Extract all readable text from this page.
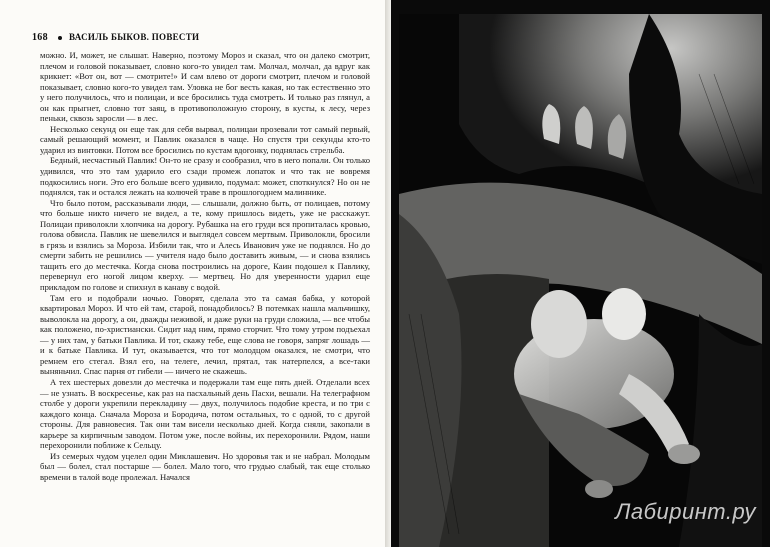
168 ВАСИЛЬ БЫКОВ. ПОВЕСТИ

можно. И, может, не слышат. Наверно, поэтому Мороз и сказал, что он далеко смотрит, плечом и головой показывает, словно кого-то увидел там. Молчал, молчал, да вдруг как крикнет: «Вот он, вот — смотрите!» И сам влево от дороги смотрит, плечом и головой показывает, словно кого-то увидел там. Уловка не бог весть какая, но так естественно это у него получилось, что и полицаи, и все бросились туда смотреть. И только раз глянул, а он как прыгнет, словно тот заяц, в противоположную сторону, в кусты, к лесу, через пеньки, сквозь заросли — в лес.

Несколько секунд он еще так для себя вырвал, полицаи прозевали тот самый первый, самый решающий момент, и Павлик оказался в чаще. Но спустя три секунды кто-то ударил из винтовки. Потом все бросились по кустам вдогонку, поднялась стрельба.

Бедный, несчастный Павлик! Он-то не сразу и сообразил, что в него попали. Он только удивился, что это там ударило его сзади промеж лопаток и что так не вовремя подкосились ноги. Это его больше всего удивило, подумал: может, споткнулся? Но он не поднялся, так и остался лежать на колючей траве в прошлогоднем малиннике.

Что было потом, рассказывали люди, — слышали, должно быть, от полицаев, потому что больше никто ничего не видел, а те, кому пришлось видеть, уже не расскажут. Полицаи приволокли хлопчика на дорогу. Рубашка на его груди вся пропиталась кровью, голова обвисла. Павлик не шевелился и выглядел совсем мертвым. Приволокли, бросили в грязь и взялись за Мороза. Избили так, что и Алесь Иванович уже не поднялся. Но до смерти забить не решились — учителя надо было доставить живым, — и снова взялись тащить его до местечка. Когда снова построились на дороге, Каин подошел к Павлику, перевернул его ногой лицом кверху. — мертвец. Но для уверенности ударил еще прикладом по голове и спихнул в канаву с водой.

Там его и подобрали ночью. Говорят, сделала это та самая бабка, у которой квартировал Мороз. И что ей там, старой, понадобилось? В потемках нашла мальчишку, выволокла на дорогу, а он, дважды неживой, и даже руки на груди сложила, — все чтобы как положено, по-христиански. Сидит над ним, прямо сторчит. Что тому утром подъехал — у них там, у батьки Павлика. И тот, скажу тебе, еще слова не говоря, запряг лошадь — и к батьке Павлика. И тут, оказывается, что тот молодцом оказался, не смотри, что ремнем его стегал. Взял его, на телеге, лечил, прятал, так натерпелся, а все-таки выняньчил. Спас парня от гибели — ничего не скажешь.

А тех шестерых довезли до местечка и подержали там еще пять дней. Отделали всех — не узнать. В воскресенье, как раз на пасхальный день Пасхи, вешали. На телеграфном столбе у дороги укрепили перекладину — двух, получилось подобие креста, и по три с каждого конца. Сначала Мороза и Бородича, потом остальных, то с одной, то с другой стороны. Для равновесия. Так они там висели несколько дней. Когда сняли, закопали в карьере за кирпичным заводом. Потом уже, после войны, их перехоронили. Рядом, наши перехоронили поближе к Сельцу.

Из семерых чудом уцелел один Миклашевич. Но здоровья так и не набрал. Молодым был — болел, стал постарше — болел. Мало того, что грудью слабый, так еще столько времени в талой воде пролежал. Начался

Лабиринт.ру
